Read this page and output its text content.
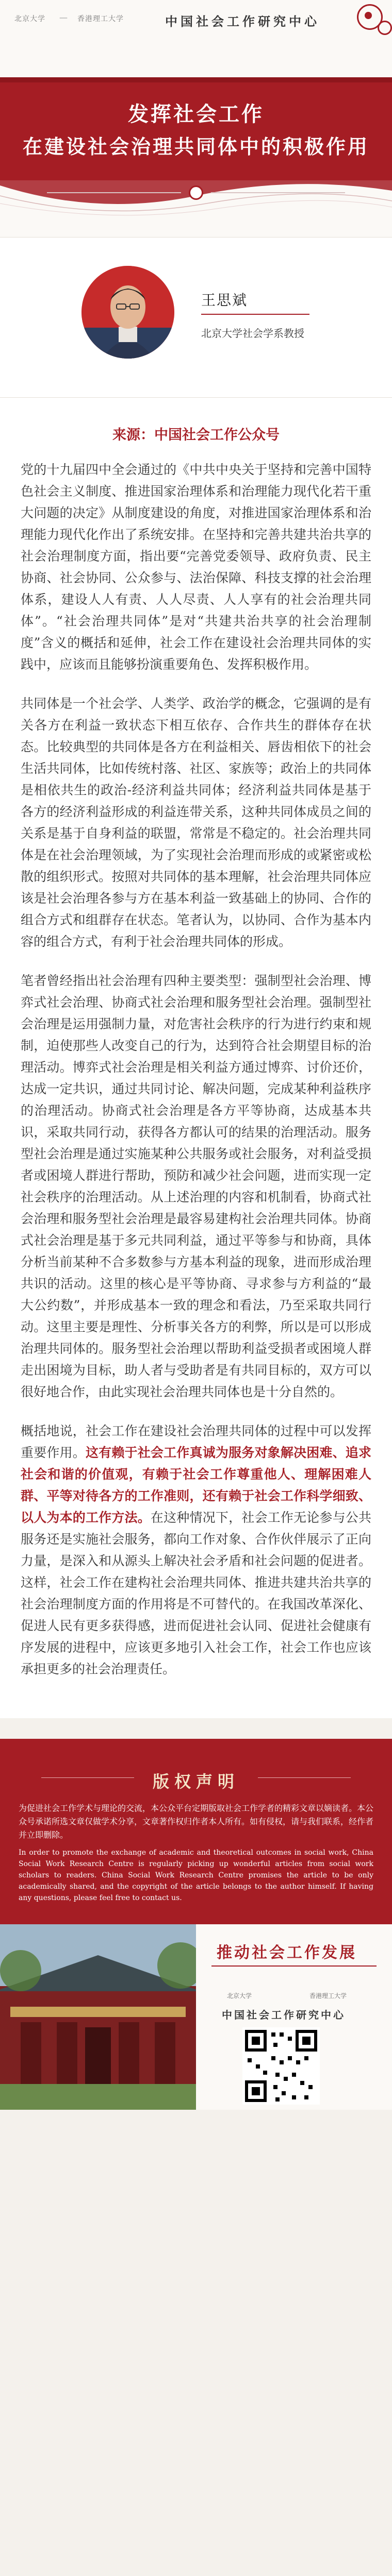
北京大学 — 香港理工大学	中国社会工作研究中心
发挥社会工作
在建设社会治理共同体中的积极作用

王思斌
北京大学社会学系教授
来源：中国社会工作公众号

党的十九届四中全会通过的《中共中央关于坚持和完善中国特色社会主义制度、推进国家治理体系和治理能力现代化若干重大问题的决定》从制度建设的角度，对推进国家治理体系和治理能力现代化作出了系统安排。在坚持和完善共建共治共享的社会治理制度方面，指出要“完善党委领导、政府负责、民主协商、社会协同、公众参与、法治保障、科技支撑的社会治理体系，建设人人有责、人人尽责、人人享有的社会治理共同体”。“社会治理共同体”是对“共建共治共享的社会治理制度”含义的概括和延伸，社会工作在建设社会治理共同体的实践中，应该而且能够扮演重要角色、发挥积极作用。

共同体是一个社会学、人类学、政治学的概念，它强调的是有关各方在利益一致状态下相互依存、合作共生的群体存在状态。比较典型的共同体是各方在利益相关、唇齿相依下的社会生活共同体，比如传统村落、社区、家族等；政治上的共同体是相依共生的政治-经济利益共同体；经济利益共同体是基于各方的经济利益形成的利益连带关系，这种共同体成员之间的关系是基于自身利益的联盟，常常是不稳定的。社会治理共同体是在社会治理领域，为了实现社会治理而形成的或紧密或松散的组织形式。按照对共同体的基本理解，社会治理共同体应该是社会治理各参与方在基本利益一致基础上的协同、合作的组合方式和组群存在状态。笔者认为，以协同、合作为基本内容的组合方式，有利于社会治理共同体的形成。

笔者曾经指出社会治理有四种主要类型：强制型社会治理、博弈式社会治理、协商式社会治理和服务型社会治理。强制型社会治理是运用强制力量，对危害社会秩序的行为进行约束和规制，迫使那些人改变自己的行为，达到符合社会期望目标的治理活动。博弈式社会治理是相关利益方通过博弈、讨价还价，达成一定共识，通过共同讨论、解决问题，完成某种利益秩序的治理活动。协商式社会治理是各方平等协商，达成基本共识，采取共同行动，获得各方都认可的结果的治理活动。服务型社会治理是通过实施某种公共服务或社会服务，对利益受损者或困境人群进行帮助，预防和减少社会问题，进而实现一定社会秩序的治理活动。从上述治理的内容和机制看，协商式社会治理和服务型社会治理是最容易建构社会治理共同体。协商式社会治理是基于多元共同利益，通过平等参与和协商，具体分析当前某种不合多数参与方基本利益的现象，进而形成治理共识的活动。这里的核心是平等协商、寻求参与方利益的“最大公约数”，并形成基本一致的理念和看法，乃至采取共同行动。这里主要是理性、分析事关各方的利弊，所以是可以形成治理共同体的。服务型社会治理以帮助利益受损者或困境人群走出困境为目标，助人者与受助者是有共同目标的，双方可以很好地合作，由此实现社会治理共同体也是十分自然的。

概括地说，社会工作在建设社会治理共同体的过程中可以发挥重要作用。这有赖于社会工作真诚为服务对象解决困难、追求社会和谐的价值观，有赖于社会工作尊重他人、理解困难人群、平等对待各方的工作准则，还有赖于社会工作科学细致、以人为本的工作方法。在这种情况下，社会工作无论参与公共服务还是实施社会服务，都向工作对象、合作伙伴展示了正向力量，是深入和从源头上解决社会矛盾和社会问题的促进者。这样，社会工作在建构社会治理共同体、推进共建共治共享的社会治理制度方面的作用将是不可替代的。在我国改革深化、促进人民有更多获得感，进而促进社会认同、促进社会健康有序发展的进程中，应该更多地引入社会工作，社会工作也应该承担更多的社会治理责任。

版权声明
为促进社会工作学术与理论的交流，本公众平台定期版取社会工作学者的精彩文章以嫡读者。本公众号承诺所选文章仅做学术分享，文章著作权归作者本人所有。如有侵权，请与我们联系，经作者并立即删除。
In order to promote the exchange of academic and theoretical outcomes in social work, China Social Work Research Centre is regularly picking up wonderful articles from social work scholars to readers. China Social Work Research Centre promises the article to be only academically shared, and the copyright of the article belongs to the author himself. If having any questions, please feel free to contact us.
推动社会工作发展
北京大学	香港理工大学
中国社会工作研究中心
